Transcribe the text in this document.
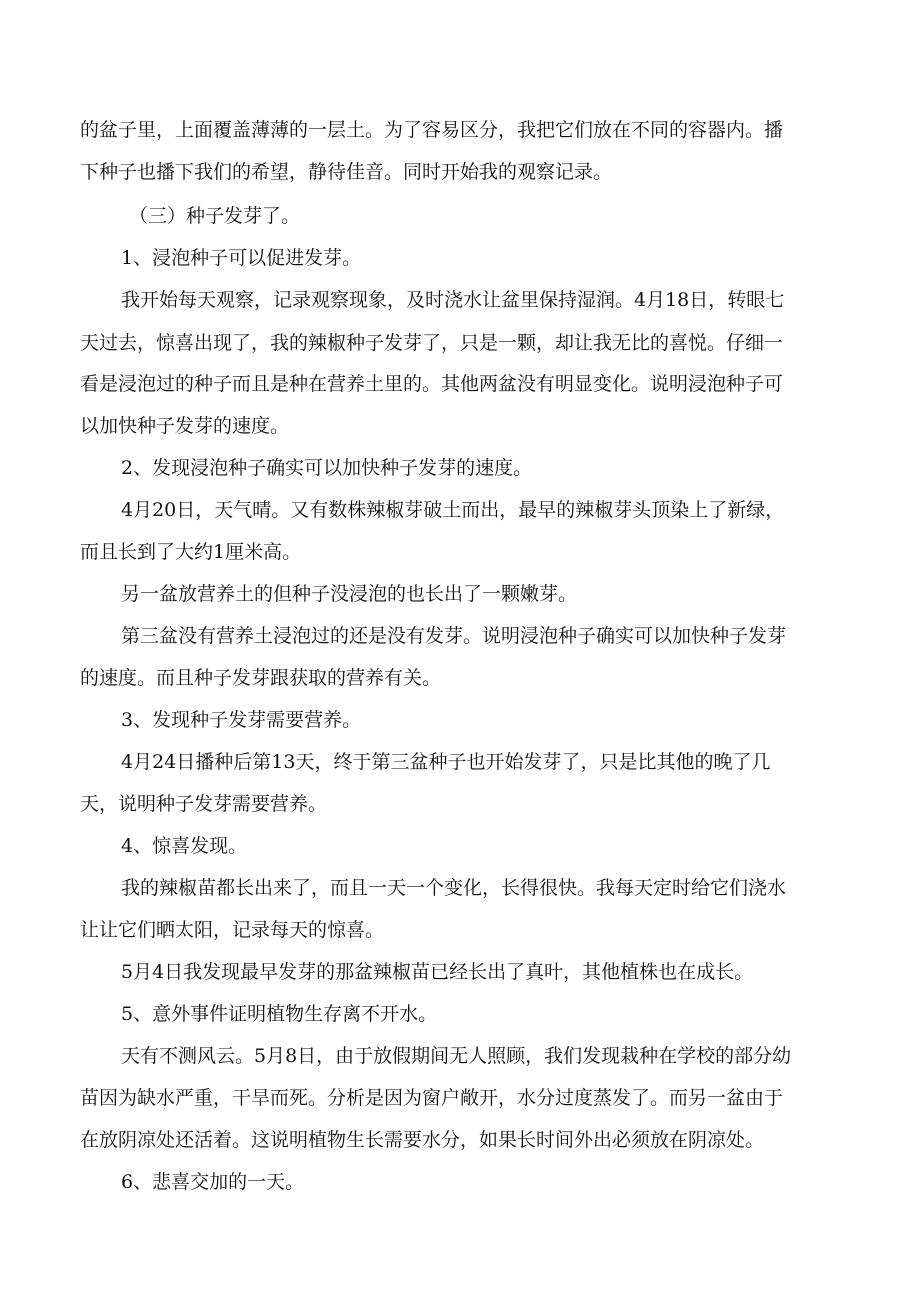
的盆子里，上面覆盖薄薄的一层土。为了容易区分，我把它们放在不同的容器内。播
下种子也播下我们的希望，静待佳音。同时开始我的观察记录。
（三）种子发芽了。
1、浸泡种子可以促进发芽。
我开始每天观察，记录观察现象，及时浇水让盆里保持湿润。4月18日，转眼七
天过去，惊喜出现了，我的辣椒种子发芽了，只是一颗，却让我无比的喜悦。仔细一
看是浸泡过的种子而且是种在营养土里的。其他两盆没有明显变化。说明浸泡种子可
以加快种子发芽的速度。
2、发现浸泡种子确实可以加快种子发芽的速度。
4月20日，天气晴。又有数株辣椒芽破土而出，最早的辣椒芽头顶染上了新绿，
而且长到了大约1厘米高。
另一盆放营养土的但种子没浸泡的也长出了一颗嫩芽。
第三盆没有营养土浸泡过的还是没有发芽。说明浸泡种子确实可以加快种子发芽
的速度。而且种子发芽跟获取的营养有关。
3、发现种子发芽需要营养。
4月24日播种后第13天，终于第三盆种子也开始发芽了，只是比其他的晚了几
天，说明种子发芽需要营养。
4、惊喜发现。
我的辣椒苗都长出来了，而且一天一个变化，长得很快。我每天定时给它们浇水
让让它们晒太阳，记录每天的惊喜。
5月4日我发现最早发芽的那盆辣椒苗已经长出了真叶，其他植株也在成长。
5、意外事件证明植物生存离不开水。
天有不测风云。5月8日，由于放假期间无人照顾，我们发现栽种在学校的部分幼
苗因为缺水严重，干旱而死。分析是因为窗户敞开，水分过度蒸发了。而另一盆由于
在放阴凉处还活着。这说明植物生长需要水分，如果长时间外出必须放在阴凉处。
6、悲喜交加的一天。
